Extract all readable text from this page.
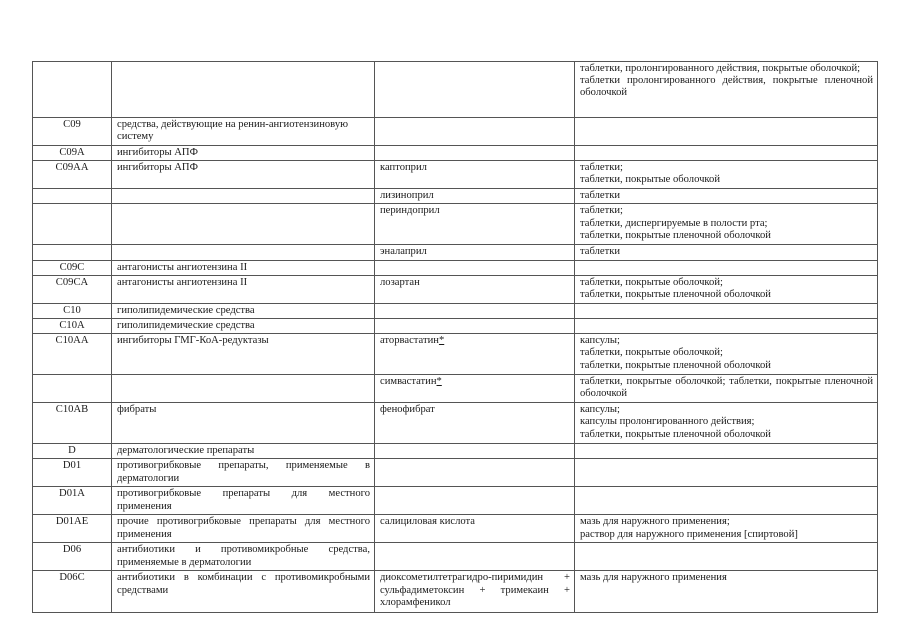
			таблетки, пролонгированного действия, покрытые оболочкой;
таблетки пролонгированного действия, покрытые пленочной оболочкой

C09	средства, действующие на ренин-ангиотензиновую систему		
C09A	ингибиторы АПФ		
C09AA	ингибиторы АПФ	каптоприл	таблетки;
таблетки, покрытые оболочкой

		лизиноприл	таблетки

		периндоприл	таблетки;
таблетки, диспергируемые в полости рта;
таблетки, покрытые пленочной оболочкой

		эналаприл	таблетки

C09C	антагонисты ангиотензина II		
C09CA	антагонисты ангиотензина II	лозартан	таблетки, покрытые оболочкой;
таблетки, покрытые пленочной оболочкой

C10	гиполипидемические средства		
C10A	гиполипидемические средства		
C10AA	ингибиторы ГМГ-КоА-редуктазы	аторвастатин*	капсулы;
таблетки, покрытые оболочкой;
таблетки, покрытые пленочной оболочкой

		симвастатин*	таблетки, покрытые оболочкой; таблетки, покрытые пленочной оболочкой
C10AB	фибраты	фенофибрат	капсулы;
капсулы пролонгированного действия;
таблетки, покрытые пленочной оболочкой

D	дерматологические препараты		
D01	противогрибковые препараты, применяемые в дерматологии		
D01A	противогрибковые препараты для местного применения		
D01AE	прочие противогрибковые препараты для местного применения	салициловая кислота	мазь для наружного применения;
раствор для наружного применения [спиртовой]

D06	антибиотики и противомикробные средства, применяемые в дерматологии		
D06C	антибиотики в комбинации с противомикробными средствами	диоксометилтетрагидро-пиримидин + сульфадиметоксин + тримекаин + хлорамфеникол	мазь для наружного применения
